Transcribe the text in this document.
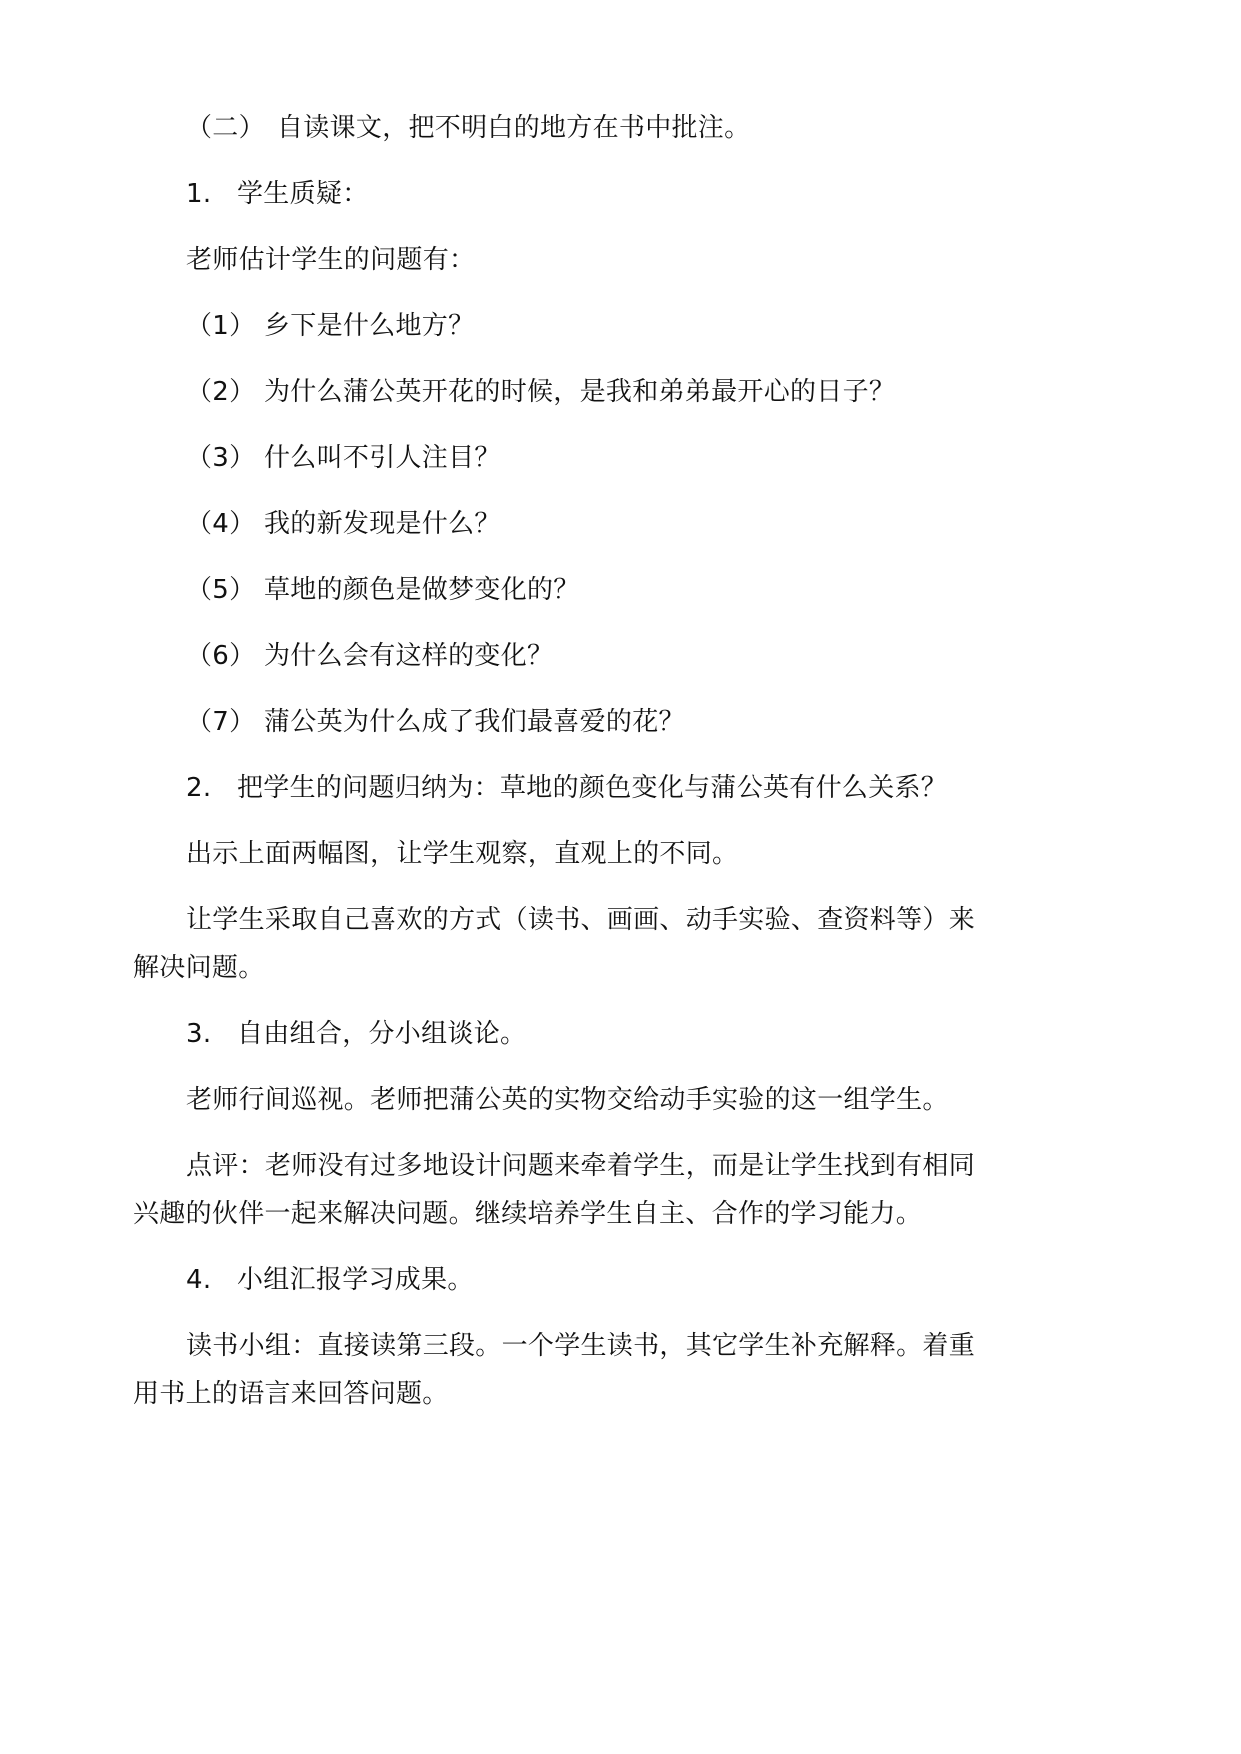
（二） 自读课文，把不明白的地方在书中批注。
1. 学生质疑：
老师估计学生的问题有：
（1） 乡下是什么地方？
（2） 为什么蒲公英开花的时候，是我和弟弟最开心的日子？
（3） 什么叫不引人注目？
（4） 我的新发现是什么？
（5） 草地的颜色是做梦变化的？
（6） 为什么会有这样的变化？
（7） 蒲公英为什么成了我们最喜爱的花？
2. 把学生的问题归纳为：草地的颜色变化与蒲公英有什么关系？
出示上面两幅图，让学生观察，直观上的不同。
让学生采取自己喜欢的方式（读书、画画、动手实验、查资料等）来
解决问题。
3. 自由组合，分小组谈论。
老师行间巡视。老师把蒲公英的实物交给动手实验的这一组学生。
点评：老师没有过多地设计问题来牵着学生，而是让学生找到有相同
兴趣的伙伴一起来解决问题。继续培养学生自主、合作的学习能力。
4. 小组汇报学习成果。
读书小组：直接读第三段。一个学生读书，其它学生补充解释。着重
用书上的语言来回答问题。
